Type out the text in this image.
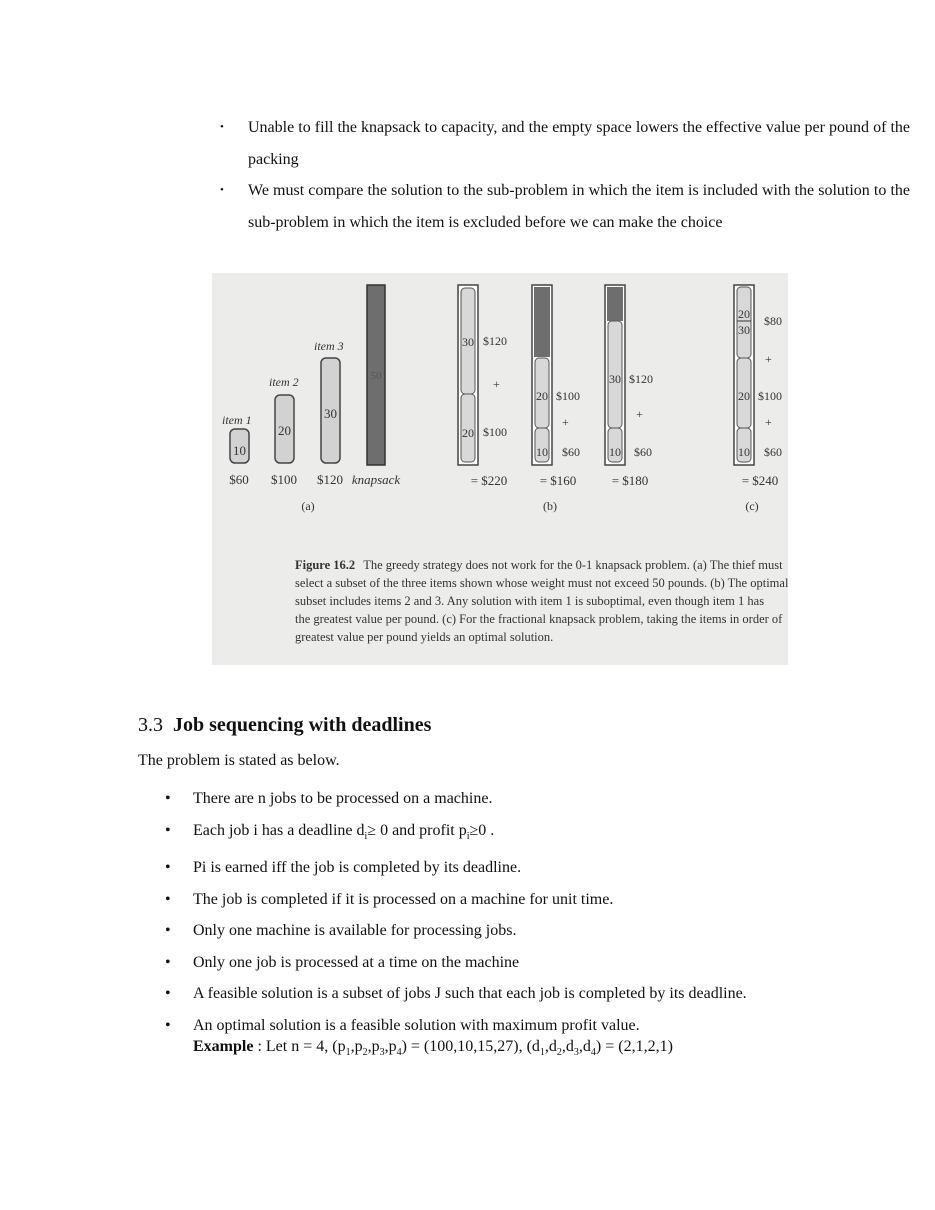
• Unable to fill the knapsack to capacity, and the empty space lowers the effective value per pound of the packing
• We must compare the solution to the sub-problem in which the item is included with the solution to the sub-problem in which the item is excluded before we can make the choice
item 1
item 2
item 3
10
20
30
50
$60 $100 $120 knapsack
(a)
30
20
$120
+
$100
= $220
20
10
$100
+
$60
= $160
30
10
$120
+
$60
= $180
(b)
20
30
20
10
$80
+
$100
+
$60
= $240
(c)
Figure 16.2 The greedy strategy does not work for the 0-1 knapsack problem. (a) The thief must
select a subset of the three items shown whose weight must not exceed 50 pounds. (b) The optimal
subset includes items 2 and 3. Any solution with item 1 is suboptimal, even though item 1 has
the greatest value per pound. (c) For the fractional knapsack problem, taking the items in order of
greatest value per pound yields an optimal solution.
3.3 Job sequencing with deadlines
The problem is stated as below.
• There are n jobs to be processed on a machine.
• Each job i has a deadline $d_i\ge 0$ and profit $p_i\ge 0$ .
• Pi is earned iff the job is completed by its deadline.
• The job is completed if it is processed on a machine for unit time.
• Only one machine is available for processing jobs.
• Only one job is processed at a time on the machine
• A feasible solution is a subset of jobs J such that each job is completed by its deadline.
• An optimal solution is a feasible solution with maximum profit value.
Example : Let n = 4, $(p_1,p_2,p_3,p_4) = (100,10,15,27)$, $(d_1,d_2,d_3,d_4) = (2,1,2,1)$
